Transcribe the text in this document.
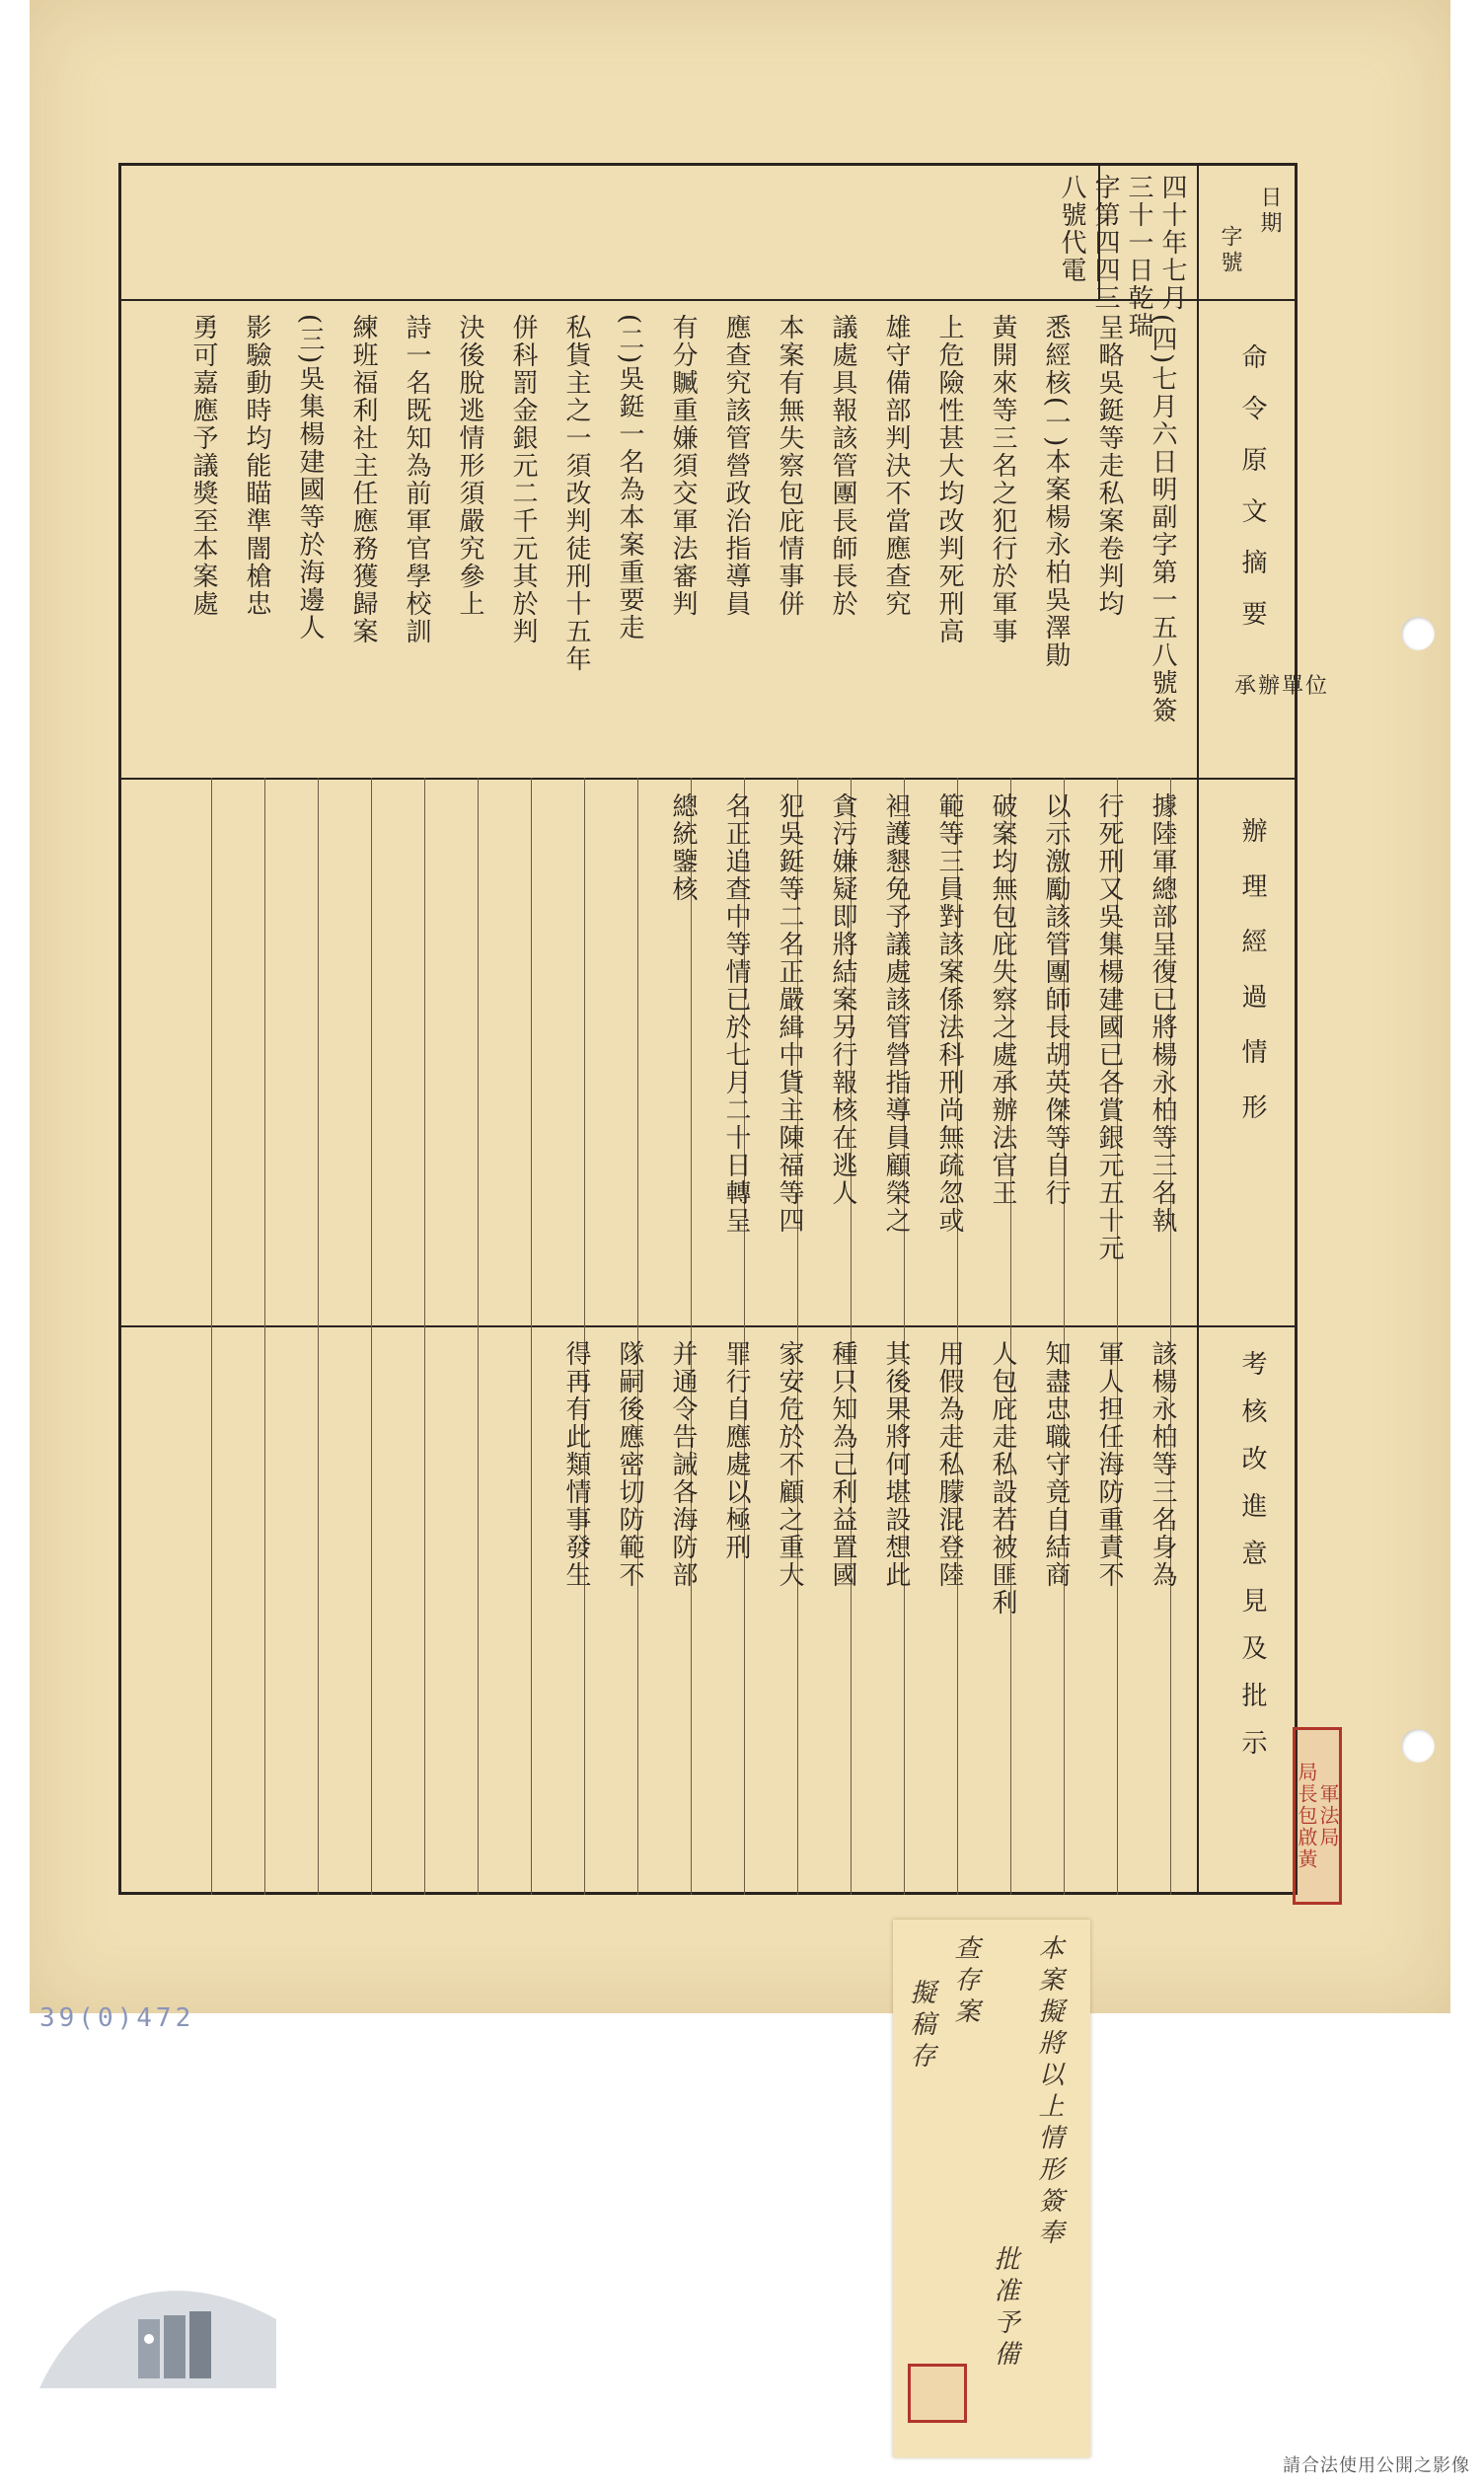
日期
字號
命令原文摘要
承辦單位
辦理經過情形
考核改進意見及批示
四十年七月
三十一日乾瑞
字第四四三
八號代電
(四)七月六日明副字第一五八號簽
呈略吳鋌等走私案卷判均
悉經核(一)本案楊永柏吳澤勛
黃開來等三名之犯行於軍事
上危險性甚大均改判死刑高
雄守備部判決不當應查究
議處具報該管團長師長於
本案有無失察包庇情事併
應查究該管營政治指導員
有分贓重嫌須交軍法審判
(二)吳鋌一名為本案重要走
私貨主之一須改判徒刑十五年
併科罰金銀元二千元其於判
決後脫逃情形須嚴究參上
詩一名既知為前軍官學校訓
練班福利社主任應務獲歸案
(三)吳集楊建國等於海邊人
影驗動時均能瞄準闇槍忠
勇可嘉應予議獎至本案處
據陸軍總部呈復已將楊永柏等三名執
行死刑又吳集楊建國已各賞銀元五十元
以示激勵該管團師長胡英傑等自行
破案均無包庇失察之處承辦法官王
範等三員對該案係法科刑尚無疏忽或
袒護懇免予議處該管營指導員顧榮之
貪污嫌疑即將結案另行報核在逃人
犯吳鋌等二名正嚴緝中貨主陳福等四
名正追查中等情已於七月二十日轉呈
總統鑒核
該楊永柏等三名身為
軍人担任海防重責不
知盡忠職守竟自結商
人包庇走私設若被匪利
用假為走私朦混登陸
其後果將何堪設想此
種只知為己利益置國
家安危於不顧之重大
罪行自應處以極刑
并通令告誡各海防部
隊嗣後應密切防範不
得再有此類情事發生
軍法局
局長包啟黃
本案擬將以上情形簽奉
批准予備
查存案
擬稿存
39(0)472
請合法使用公開之影像
